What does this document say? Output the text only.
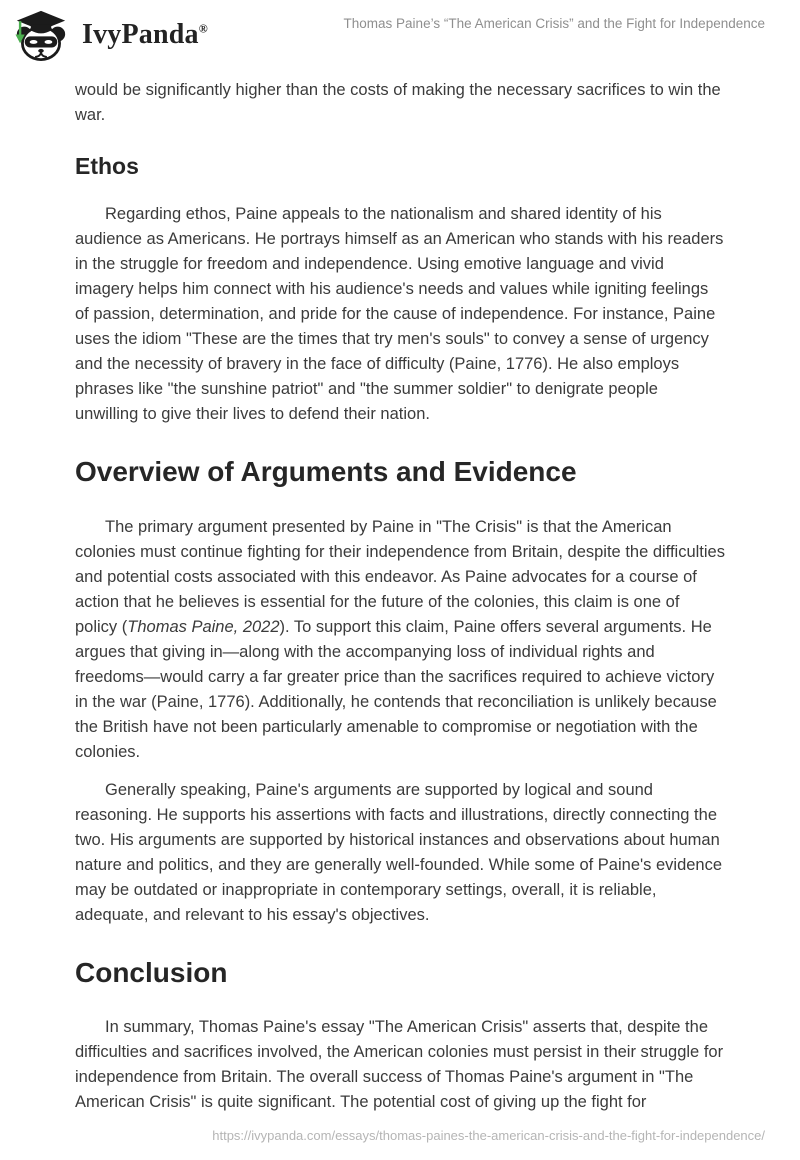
IvyPanda®	Thomas Paine’s “The American Crisis” and the Fight for Independence

would be significantly higher than the costs of making the necessary sacrifices to win the war.

Ethos

Regarding ethos, Paine appeals to the nationalism and shared identity of his audience as Americans. He portrays himself as an American who stands with his readers in the struggle for freedom and independence. Using emotive language and vivid imagery helps him connect with his audience's needs and values while igniting feelings of passion, determination, and pride for the cause of independence. For instance, Paine uses the idiom "These are the times that try men's souls" to convey a sense of urgency and the necessity of bravery in the face of difficulty (Paine, 1776). He also employs phrases like "the sunshine patriot" and "the summer soldier" to denigrate people unwilling to give their lives to defend their nation.

Overview of Arguments and Evidence

The primary argument presented by Paine in "The Crisis" is that the American colonies must continue fighting for their independence from Britain, despite the difficulties and potential costs associated with this endeavor. As Paine advocates for a course of action that he believes is essential for the future of the colonies, this claim is one of policy (Thomas Paine, 2022). To support this claim, Paine offers several arguments. He argues that giving in—along with the accompanying loss of individual rights and freedoms—would carry a far greater price than the sacrifices required to achieve victory in the war (Paine, 1776). Additionally, he contends that reconciliation is unlikely because the British have not been particularly amenable to compromise or negotiation with the colonies.

Generally speaking, Paine's arguments are supported by logical and sound reasoning. He supports his assertions with facts and illustrations, directly connecting the two. His arguments are supported by historical instances and observations about human nature and politics, and they are generally well-founded. While some of Paine's evidence may be outdated or inappropriate in contemporary settings, overall, it is reliable, adequate, and relevant to his essay's objectives.

Conclusion

In summary, Thomas Paine's essay "The American Crisis" asserts that, despite the difficulties and sacrifices involved, the American colonies must persist in their struggle for independence from Britain. The overall success of Thomas Paine's argument in "The American Crisis" is quite significant. The potential cost of giving up the fight for

https://ivypanda.com/essays/thomas-paines-the-american-crisis-and-the-fight-for-independence/
